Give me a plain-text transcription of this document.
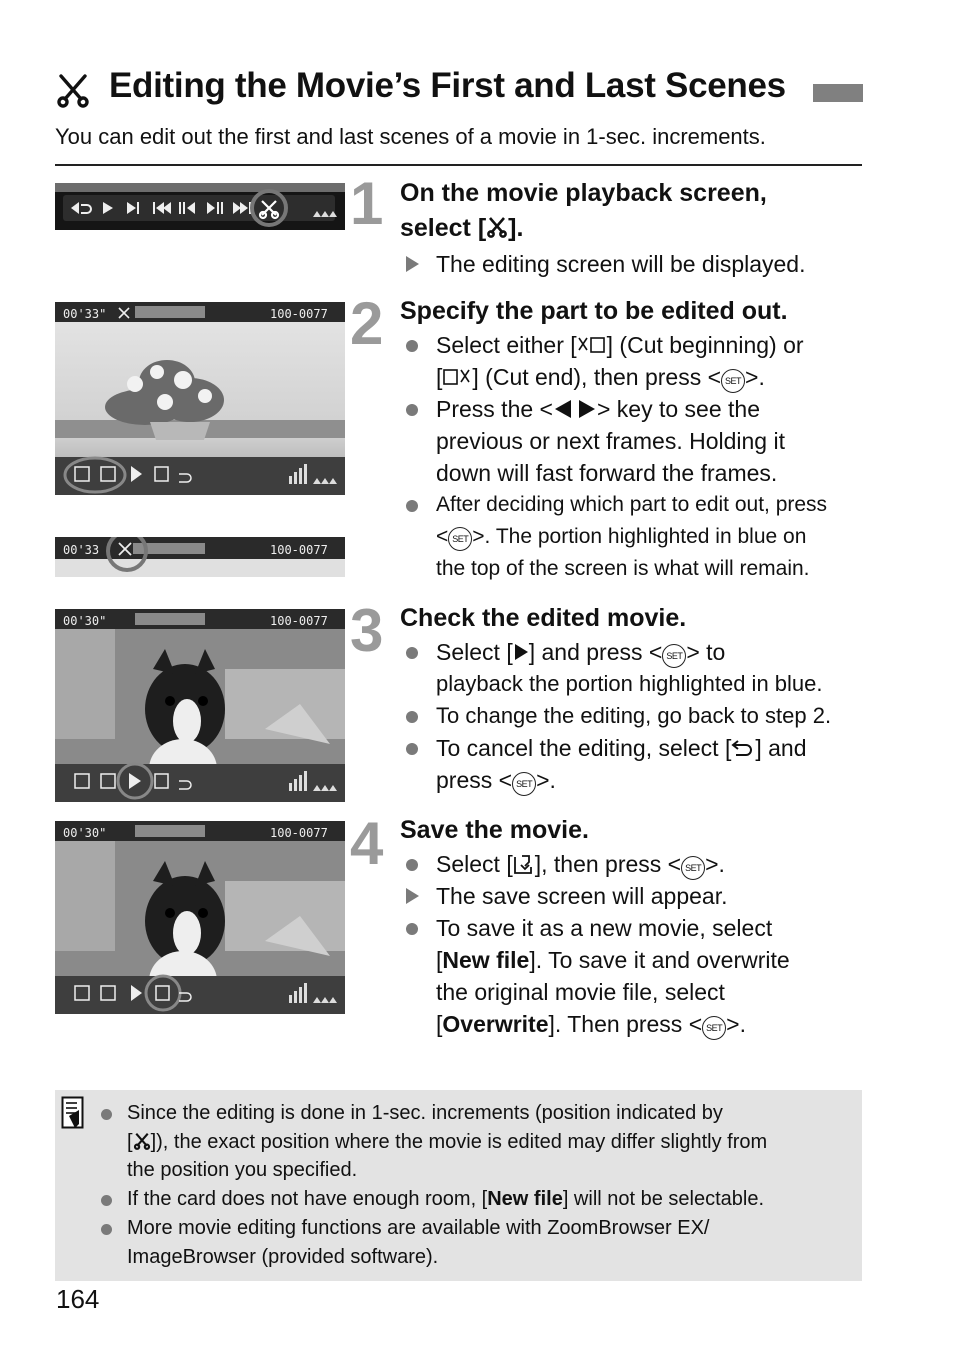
Editing the Movie’s First and Last Scenes
You can edit out the first and last scenes of a movie in 1-sec. increments.
00'33"	100-0077
00'33	100-0077
00'30"	100-0077
00'30"	100-0077
1 On the movie playback screen,
select [ ].
The editing screen will be displayed.
2 Specify the part to be edited out.
Select either [ ] (Cut beginning) or
[ ] (Cut end), then press < SET >.
Press the < > key to see the
previous or next frames. Holding it
down will fast forward the frames.
After deciding which part to edit out, press
< SET >. The portion highlighted in blue on
the top of the screen is what will remain.
3 Check the edited movie.
Select [ ] and press < SET > to
playback the portion highlighted in blue.
To change the editing, go back to step 2.
To cancel the editing, select [ ] and
press < SET >.
4 Save the movie.
Select [ ], then press < SET >.
The save screen will appear.
To save it as a new movie, select
[New file]. To save it and overwrite
the original movie file, select
[Overwrite]. Then press < SET >.
Since the editing is done in 1-sec. increments (position indicated by
[ ]), the exact position where the movie is edited may differ slightly from
the position you specified.
If the card does not have enough room, [New file] will not be selectable.
More movie editing functions are available with ZoomBrowser EX/
ImageBrowser (provided software).
164
